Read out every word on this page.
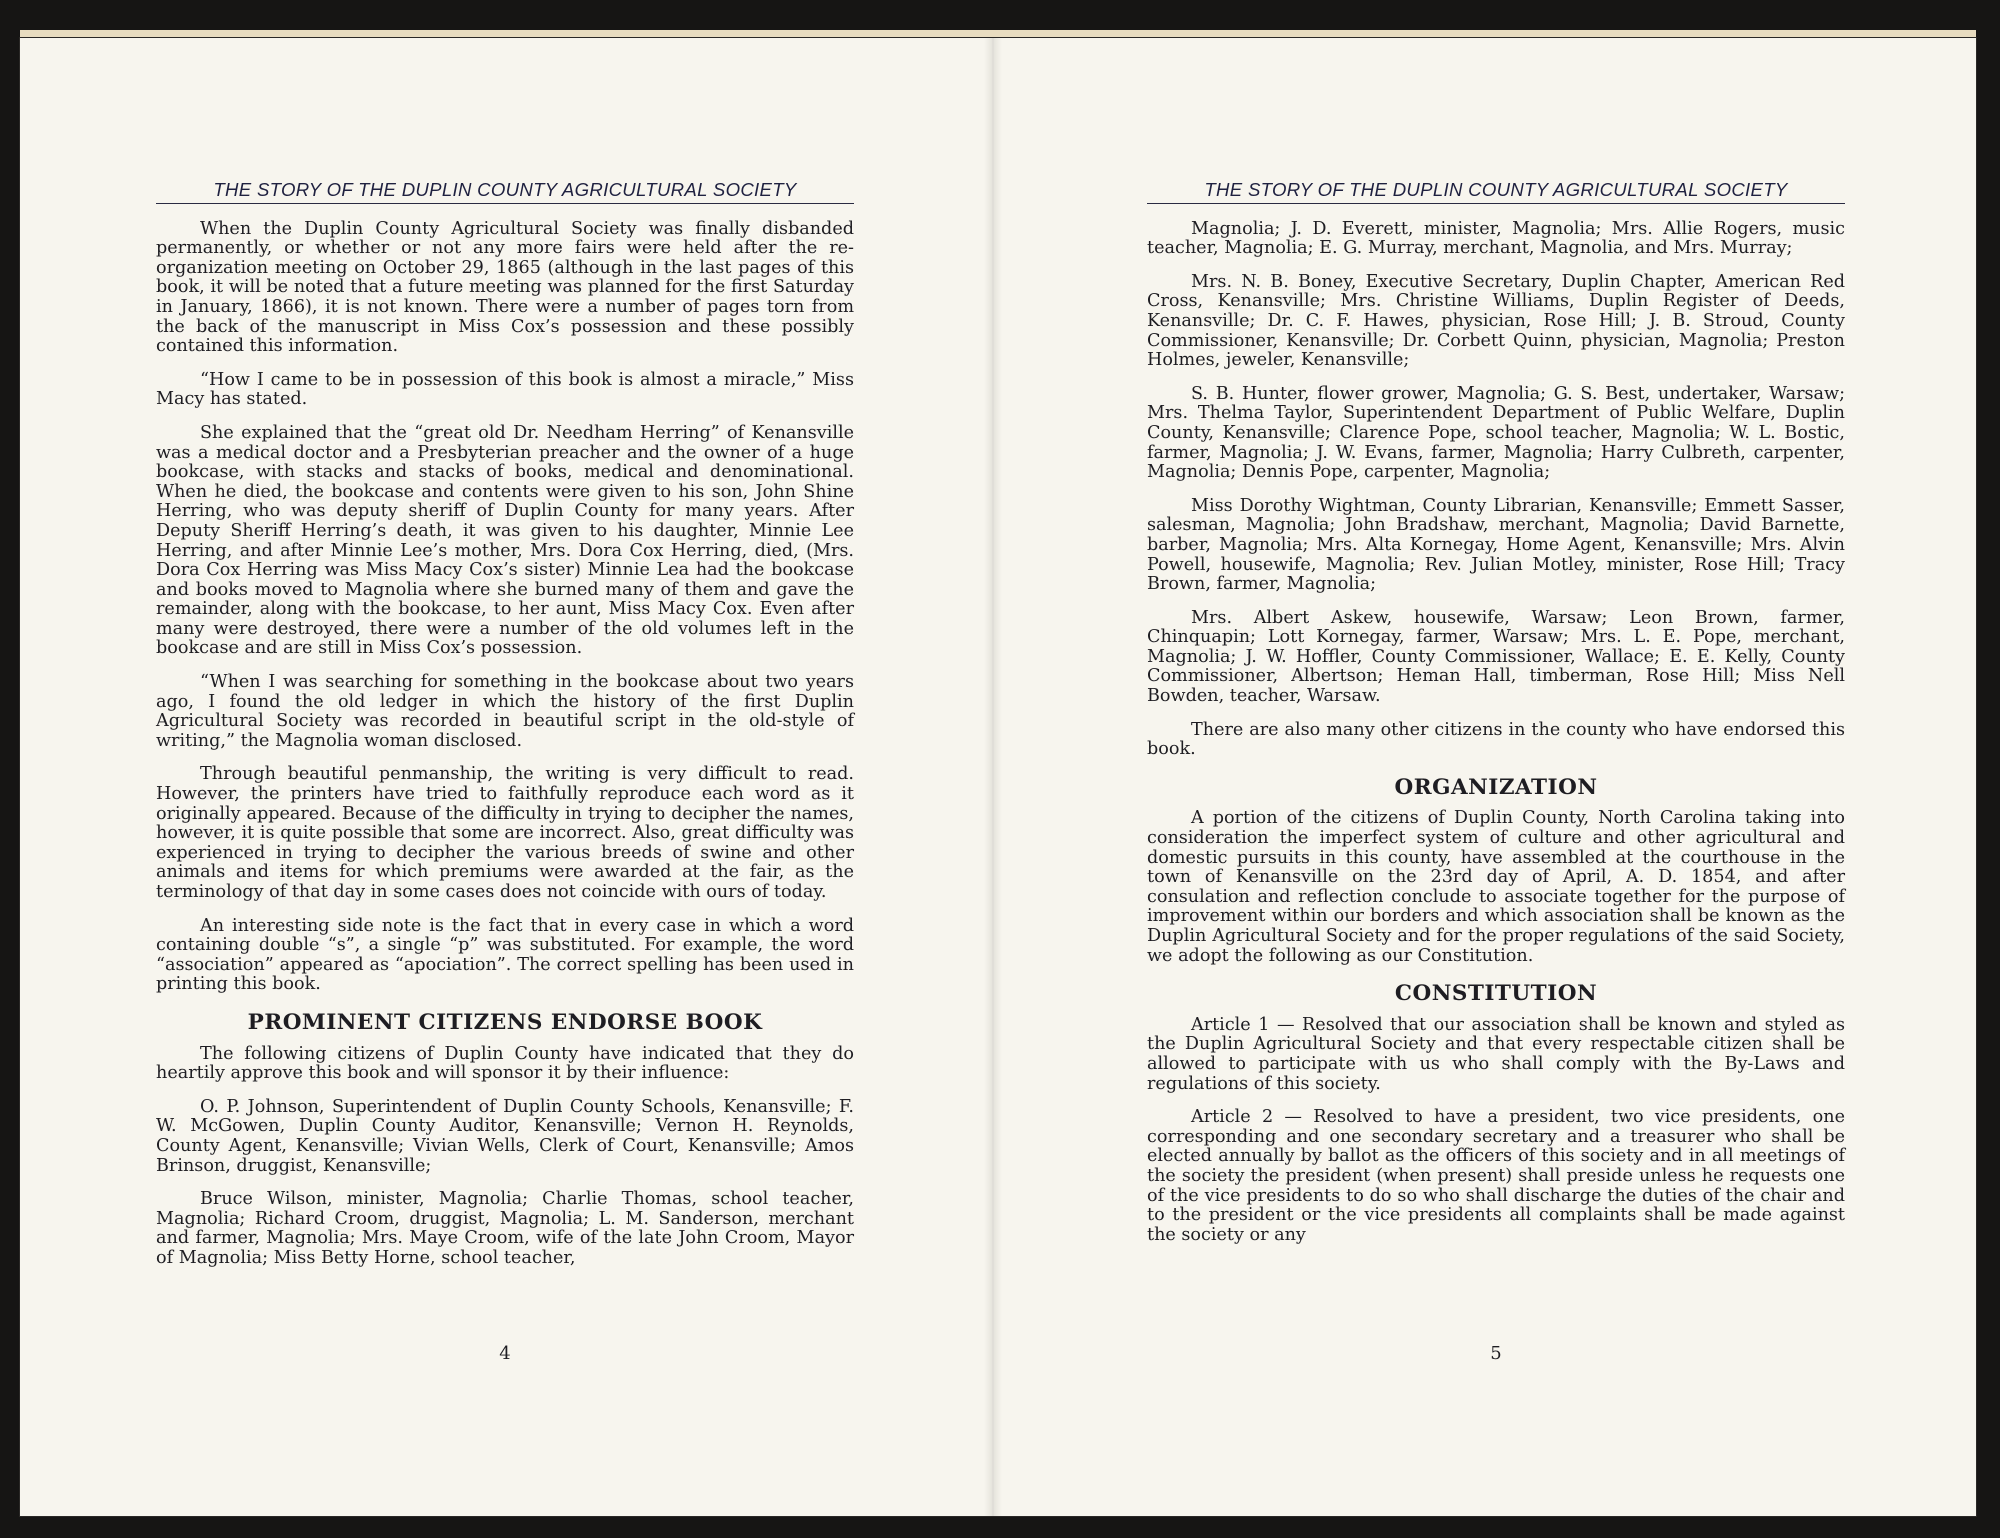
THE STORY OF THE DUPLIN COUNTY AGRICULTURAL SOCIETY

When the Duplin County Agricultural Society was finally disbanded permanently, or whether or not any more fairs were held after the re-organization meeting on October 29, 1865 (although in the last pages of this book, it will be noted that a future meeting was planned for the first Saturday in January, 1866), it is not known. There were a number of pages torn from the back of the manuscript in Miss Cox’s possession and these possibly contained this information.

“How I came to be in possession of this book is almost a miracle,” Miss Macy has stated.

She explained that the “great old Dr. Needham Herring” of Kenansville was a medical doctor and a Presbyterian preacher and the owner of a huge bookcase, with stacks and stacks of books, medical and denominational. When he died, the bookcase and contents were given to his son, John Shine Herring, who was deputy sheriff of Duplin County for many years. After Deputy Sheriff Herring’s death, it was given to his daughter, Minnie Lee Herring, and after Minnie Lee’s mother, Mrs. Dora Cox Herring, died, (Mrs. Dora Cox Herring was Miss Macy Cox’s sister) Minnie Lea had the bookcase and books moved to Magnolia where she burned many of them and gave the remainder, along with the bookcase, to her aunt, Miss Macy Cox. Even after many were destroyed, there were a number of the old volumes left in the bookcase and are still in Miss Cox’s possession.

“When I was searching for something in the bookcase about two years ago, I found the old ledger in which the history of the first Duplin Agricultural Society was recorded in beautiful script in the old-style of writing,” the Magnolia woman disclosed.

Through beautiful penmanship, the writing is very difficult to read. However, the printers have tried to faithfully reproduce each word as it originally appeared. Because of the difficulty in trying to decipher the names, however, it is quite possible that some are incorrect. Also, great difficulty was experienced in trying to decipher the various breeds of swine and other animals and items for which premiums were awarded at the fair, as the terminology of that day in some cases does not coincide with ours of today.

An interesting side note is the fact that in every case in which a word containing double “s”, a single “p” was substituted. For example, the word “association” appeared as “apociation”. The correct spelling has been used in printing this book.

PROMINENT CITIZENS ENDORSE BOOK

The following citizens of Duplin County have indicated that they do heartily approve this book and will sponsor it by their influence:

O. P. Johnson, Superintendent of Duplin County Schools, Kenansville; F. W. McGowen, Duplin County Auditor, Kenansville; Vernon H. Reynolds, County Agent, Kenansville; Vivian Wells, Clerk of Court, Kenansville; Amos Brinson, druggist, Kenansville;

Bruce Wilson, minister, Magnolia; Charlie Thomas, school teacher, Magnolia; Richard Croom, druggist, Magnolia; L. M. Sanderson, merchant and farmer, Magnolia; Mrs. Maye Croom, wife of the late John Croom, Mayor of Magnolia; Miss Betty Horne, school teacher,

4
THE STORY OF THE DUPLIN COUNTY AGRICULTURAL SOCIETY

Magnolia; J. D. Everett, minister, Magnolia; Mrs. Allie Rogers, music teacher, Magnolia; E. G. Murray, merchant, Magnolia, and Mrs. Murray;

Mrs. N. B. Boney, Executive Secretary, Duplin Chapter, American Red Cross, Kenansville; Mrs. Christine Williams, Duplin Register of Deeds, Kenansville; Dr. C. F. Hawes, physician, Rose Hill; J. B. Stroud, County Commissioner, Kenansville; Dr. Corbett Quinn, physician, Magnolia; Preston Holmes, jeweler, Kenansville;

S. B. Hunter, flower grower, Magnolia; G. S. Best, undertaker, Warsaw; Mrs. Thelma Taylor, Superintendent Department of Public Welfare, Duplin County, Kenansville; Clarence Pope, school teacher, Magnolia; W. L. Bostic, farmer, Magnolia; J. W. Evans, farmer, Magnolia; Harry Culbreth, carpenter, Magnolia; Dennis Pope, carpenter, Magnolia;

Miss Dorothy Wightman, County Librarian, Kenansville; Emmett Sasser, salesman, Magnolia; John Bradshaw, merchant, Magnolia; David Barnette, barber, Magnolia; Mrs. Alta Kornegay, Home Agent, Kenansville; Mrs. Alvin Powell, housewife, Magnolia; Rev. Julian Motley, minister, Rose Hill; Tracy Brown, farmer, Magnolia;

Mrs. Albert Askew, housewife, Warsaw; Leon Brown, farmer, Chinquapin; Lott Kornegay, farmer, Warsaw; Mrs. L. E. Pope, merchant, Magnolia; J. W. Hoffler, County Commissioner, Wallace; E. E. Kelly, County Commissioner, Albertson; Heman Hall, timberman, Rose Hill; Miss Nell Bowden, teacher, Warsaw.

There are also many other citizens in the county who have endorsed this book.

ORGANIZATION

A portion of the citizens of Duplin County, North Carolina taking into consideration the imperfect system of culture and other agricultural and domestic pursuits in this county, have assembled at the courthouse in the town of Kenansville on the 23rd day of April, A. D. 1854, and after consulation and reflection conclude to associate together for the purpose of improvement within our borders and which association shall be known as the Duplin Agricultural Society and for the proper regulations of the said Society, we adopt the following as our Constitution.

CONSTITUTION

Article 1 — Resolved that our association shall be known and styled as the Duplin Agricultural Society and that every respectable citizen shall be allowed to participate with us who shall comply with the By-Laws and regulations of this society.

Article 2 — Resolved to have a president, two vice presidents, one corresponding and one secondary secretary and a treasurer who shall be elected annually by ballot as the officers of this society and in all meetings of the society the president (when present) shall preside unless he requests one of the vice presidents to do so who shall discharge the duties of the chair and to the president or the vice presidents all complaints shall be made against the society or any

5
